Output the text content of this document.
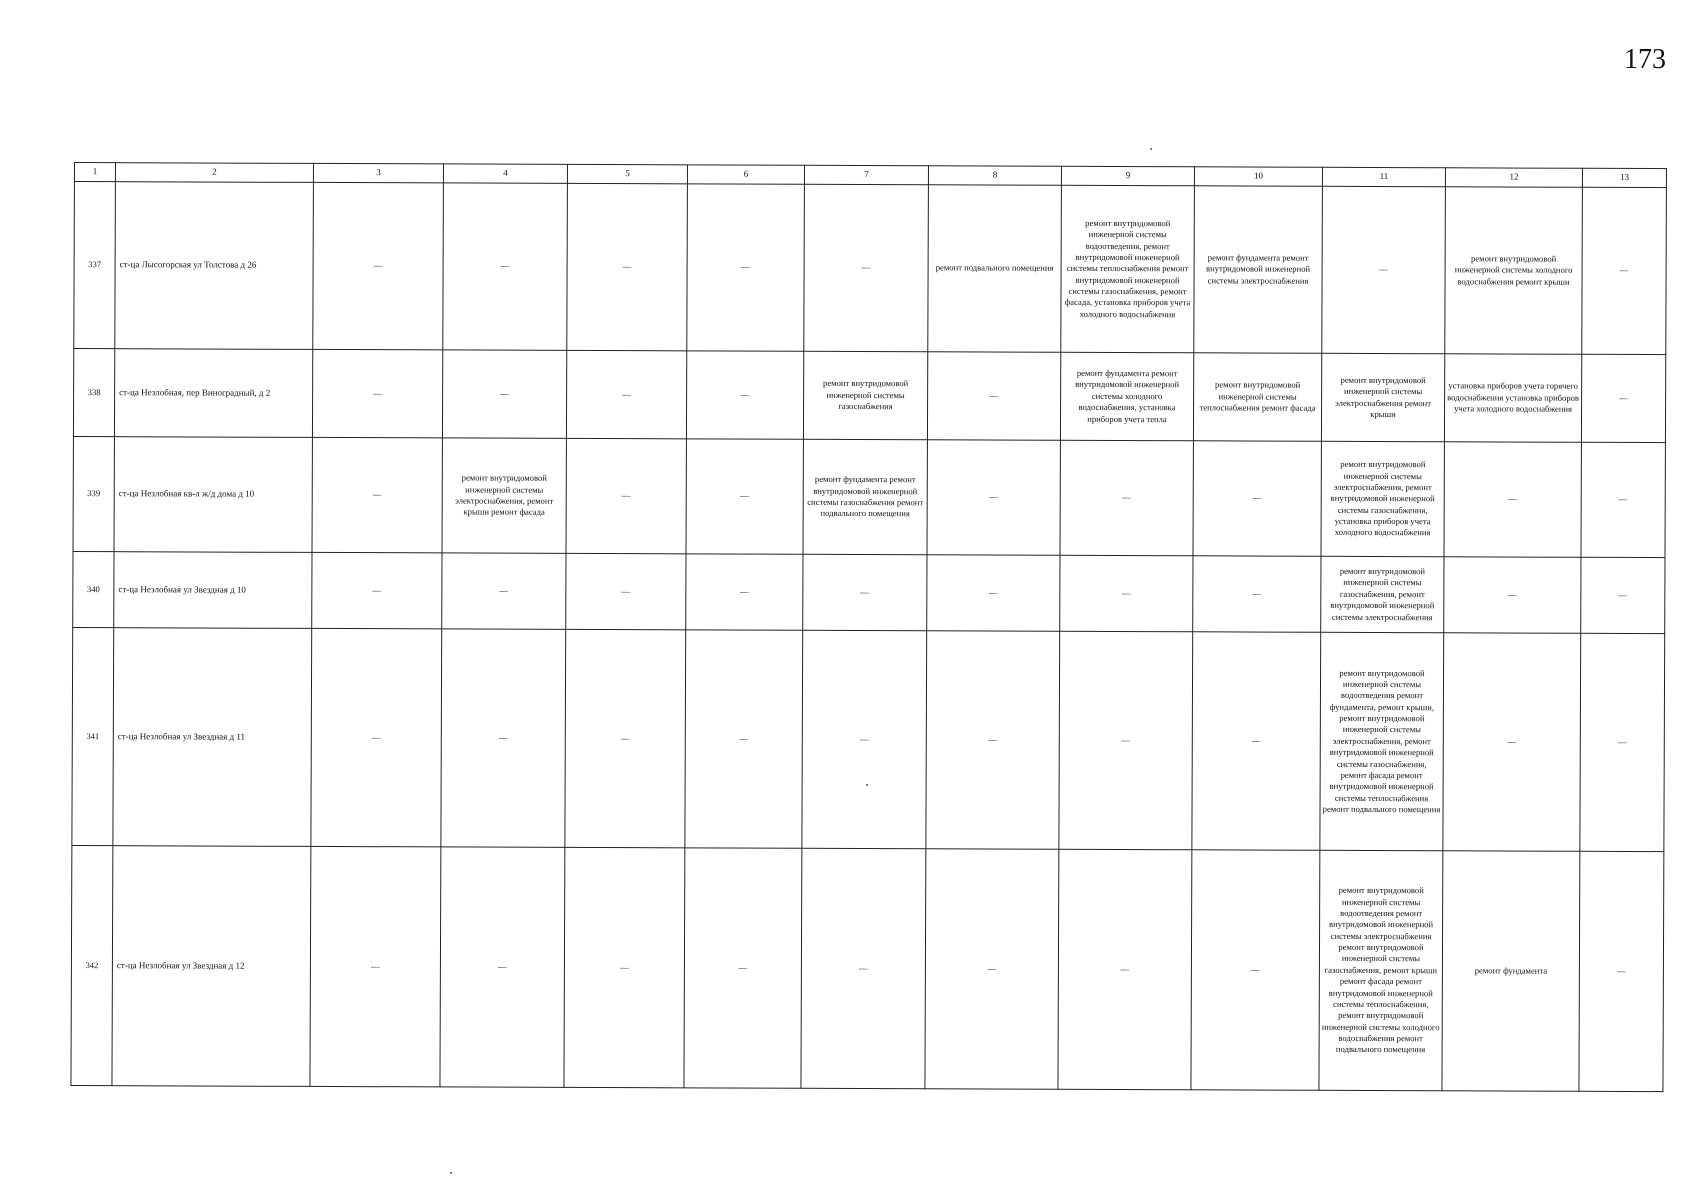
173
1	2	3	4	5	6	7	8	9	10	11	12	13
337	ст-ца Лысогорская ул Толстова д 26	—	—	—	—	—	ремонт подвального помещения	ремонт внутридомовой инженерной системы водоотведения, ремонт внутридомовой инженерной системы теплоснабжения ремонт внутридомовой инженерной системы газоснабжения, ремонт фасада, установка приборов учета холодного водоснабжения	ремонт фундамента ремонт внутридомовой инженерной системы электроснабжения	—	ремонт внутридомовой инженерной системы холодного водоснабжения ремонт крыши	—
338	ст-ца Незлобная, пер Виноградный, д 2	—	—	—	—	ремонт внутридомовой инженерной системы газоснабжения	—	ремонт фундамента ремонт внутридомовой инженерной системы холодного водоснабжения, установка приборов учета тепла	ремонт внутридомовой инженерной системы теплоснабжения ремонт фасада	ремонт внутридомовой инженерной системы электроснабжения ремонт крыши	установка приборов учета горячего водоснабжения установка приборов учета холодного водоснабжения	—
339	ст-ца Незлобная кв-л ж/д дома д 10	—	ремонт внутридомовой инженерной системы электроснабжения, ремонт крыши ремонт фасада	—	—	ремонт фундамента ремонт внутридомовой инженерной системы газоснабжения ремонт подвального помещения	—	—	—	ремонт внутридомовой инженерной системы электроснабжения, ремонт внутридомовой инженерной системы газоснабжения, установка приборов учета холодного водоснабжения	—	—
340	ст-ца Незлобная ул Звездная д 10	—	—	—	—	—	—	—	—	ремонт внутридомовой инженерной системы газоснабжения, ремонт внутридомовой инженерной системы электроснабжения	—	—
341	ст-ца Незлобная ул Звездная д 11	—	—	—	—	—	—	—	—	ремонт внутридомовой инженерной системы водоотведения ремонт фундамента, ремонт крыши, ремонт внутридомовой инженерной системы электроснабжения, ремонт внутридомовой инженерной системы газоснабжения, ремонт фасада ремонт внутридомовой инженерной системы теплоснабжения ремонт подвального помещения	—	—
342	ст-ца Незлобная ул Звездная д 12	—	—	—	—	—	—	—	—	ремонт внутридомовой инженерной системы водоотведения ремонт внутридомовой инженерной системы электроснабжения ремонт внутридомовой инженерной системы газоснабжения, ремонт крыши ремонт фасада ремонт внутридомовой инженерной системы теплоснабжения, ремонт внутридомовой инженерной системы холодного водоснабжения ремонт подвального помещения	ремонт фундамента	—
